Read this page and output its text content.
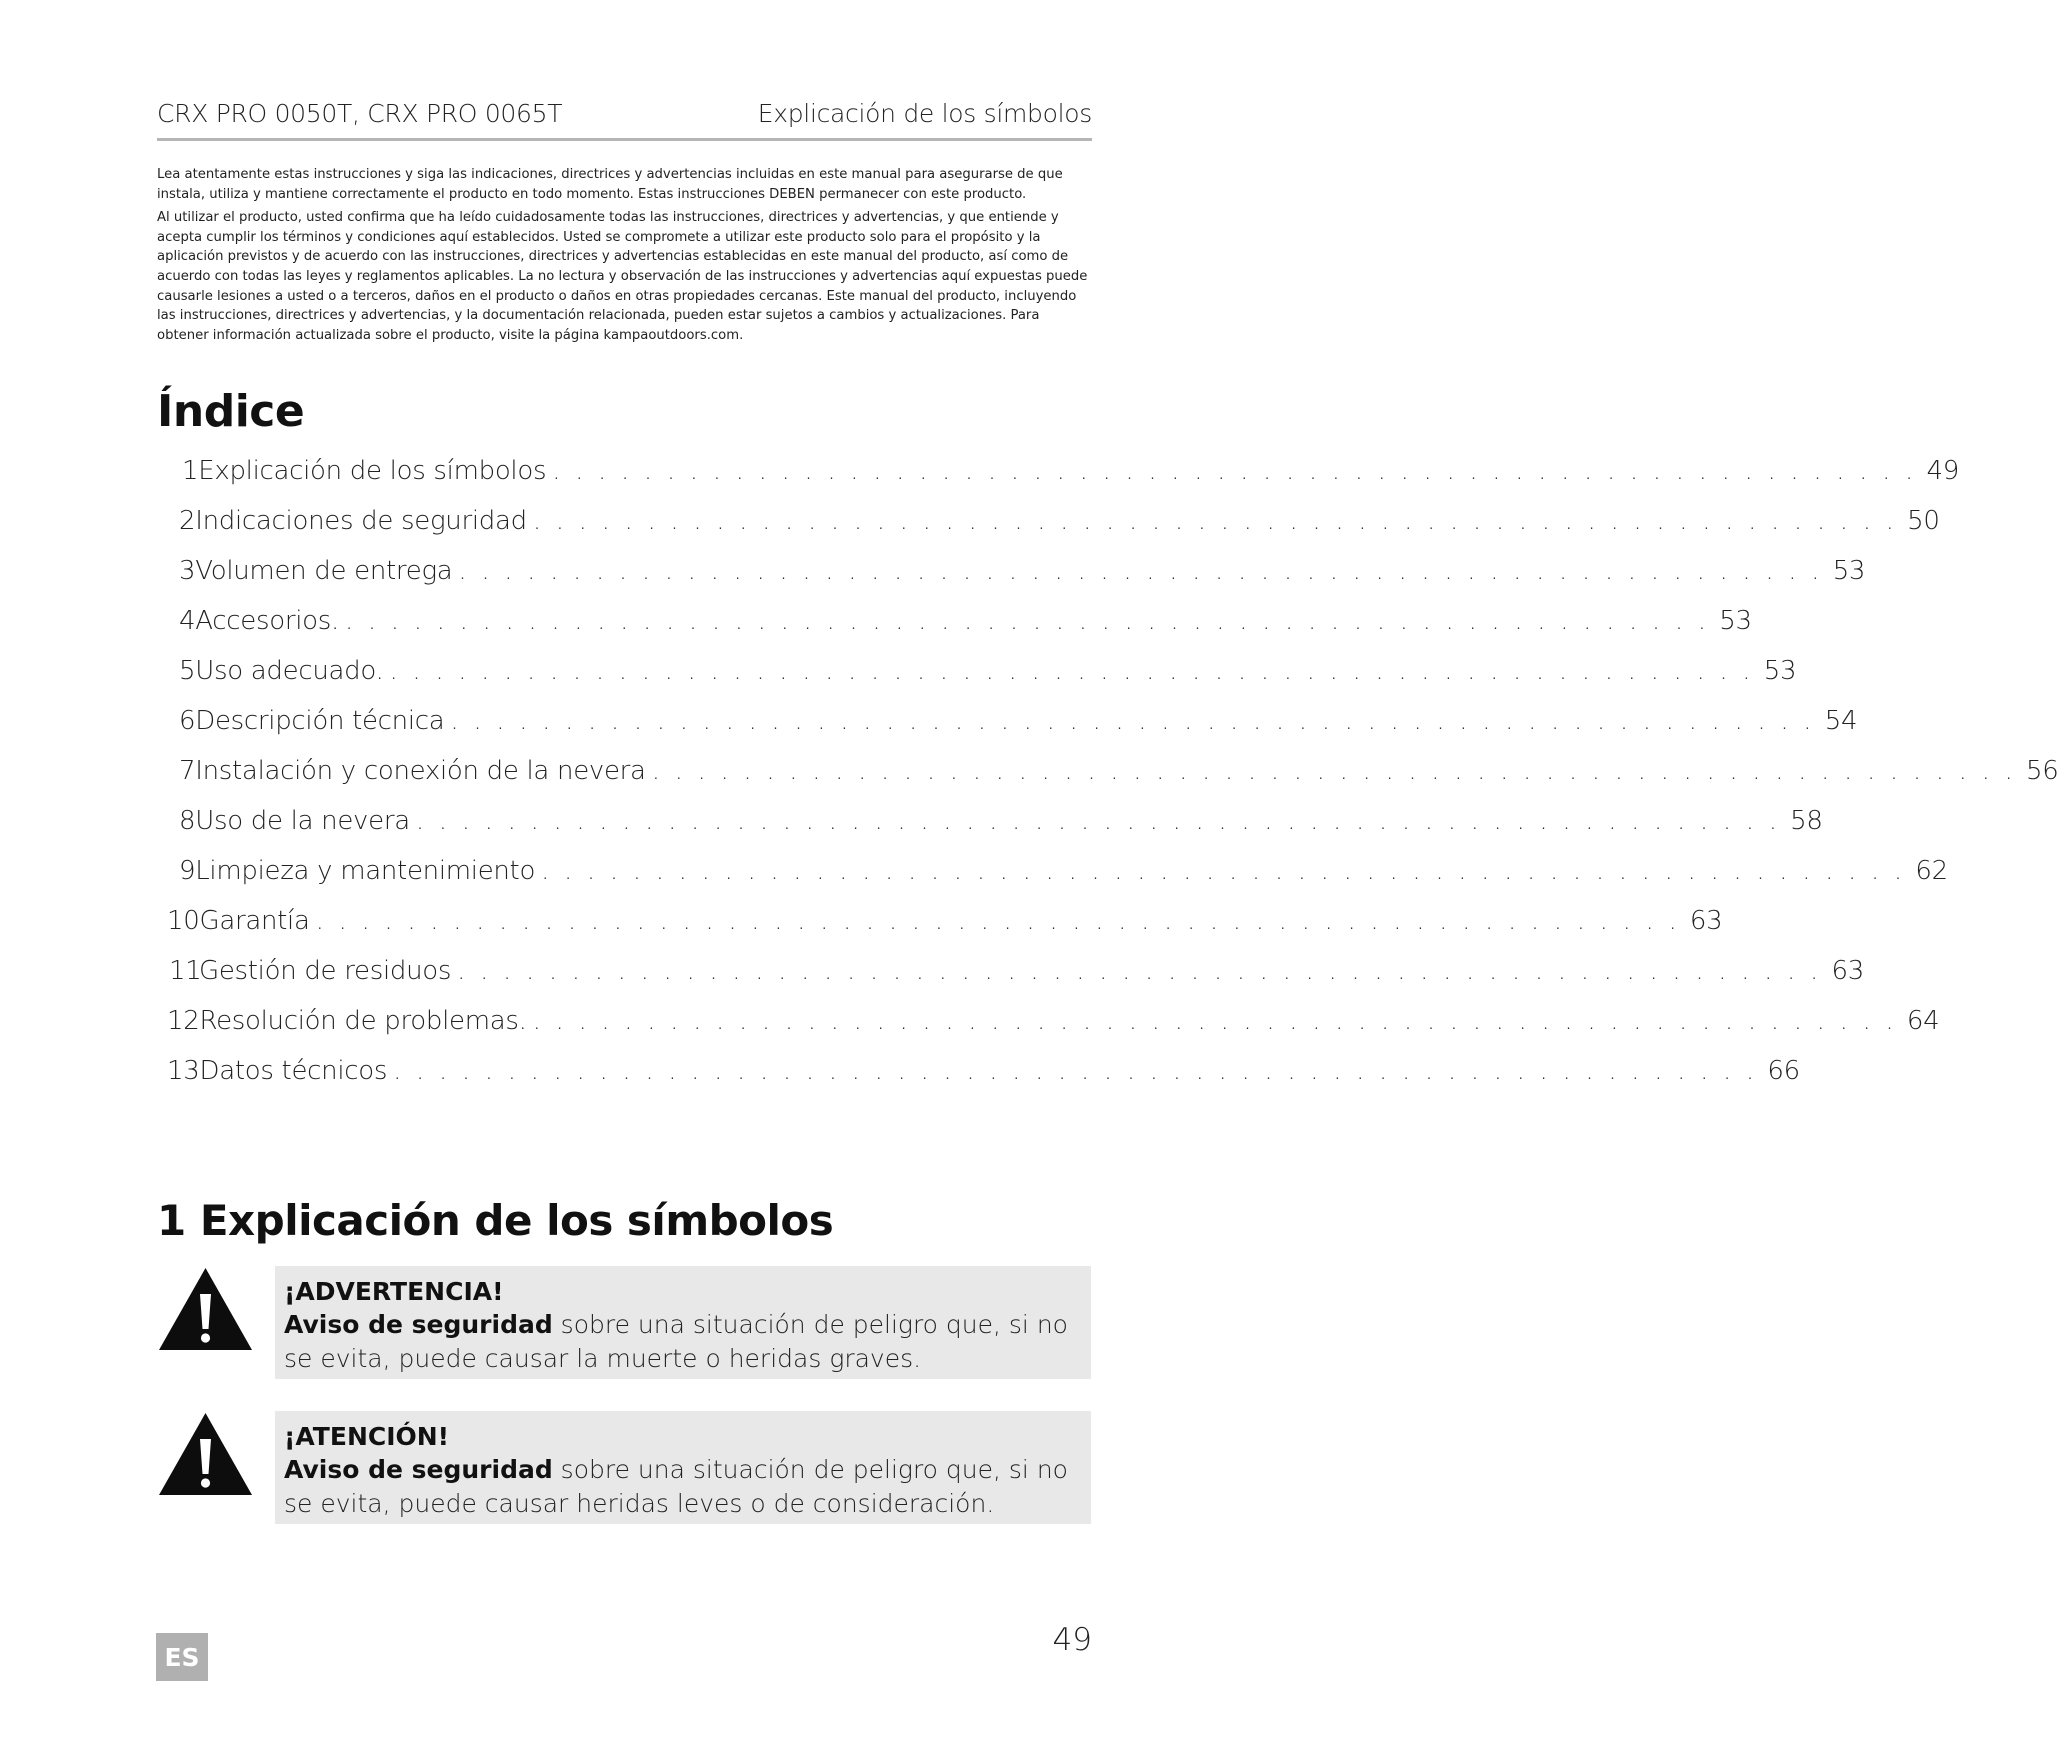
CRX PRO 0050T, CRX PRO 0065T	Explicación de los símbolos

Lea atentamente estas instrucciones y siga las indicaciones, directrices y advertencias incluidas en este manual para asegurarse de que instala, utiliza y mantiene correctamente el producto en todo momento. Estas instrucciones DEBEN permanecer con este producto.

Al utilizar el producto, usted confirma que ha leído cuidadosamente todas las instrucciones, directrices y advertencias, y que entiende y acepta cumplir los términos y condiciones aquí establecidos. Usted se compromete a utilizar este producto solo para el propósito y la aplicación previstos y de acuerdo con las instrucciones, directrices y advertencias establecidas en este manual del producto, así como de acuerdo con todas las leyes y reglamentos aplicables. La no lectura y observación de las instrucciones y advertencias aquí expuestas puede causarle lesiones a usted o a terceros, daños en el producto o daños en otras propiedades cercanas. Este manual del producto, incluyendo las instrucciones, directrices y advertencias, y la documentación relacionada, pueden estar sujetos a cambios y actualizaciones. Para obtener información actualizada sobre el producto, visite la página kampaoutdoors.com.

Índice
1 Explicación de los símbolos . . . . . . . . . . . . . . . . . . . . . . . . . . . . . . . . . . . . . . . . . . . . . . . . . . . . . . . . . . . . 49
2 Indicaciones de seguridad . . . . . . . . . . . . . . . . . . . . . . . . . . . . . . . . . . . . . . . . . . . . . . . . . . . . . . . . . . . . 50
3 Volumen de entrega . . . . . . . . . . . . . . . . . . . . . . . . . . . . . . . . . . . . . . . . . . . . . . . . . . . . . . . . . . . . 53
4 Accesorios. . . . . . . . . . . . . . . . . . . . . . . . . . . . . . . . . . . . . . . . . . . . . . . . . . . . . . . . . . . . . 53
5 Uso adecuado. . . . . . . . . . . . . . . . . . . . . . . . . . . . . . . . . . . . . . . . . . . . . . . . . . . . . . . . . . . . . 53
6 Descripción técnica . . . . . . . . . . . . . . . . . . . . . . . . . . . . . . . . . . . . . . . . . . . . . . . . . . . . . . . . . . . . 54
7 Instalación y conexión de la nevera . . . . . . . . . . . . . . . . . . . . . . . . . . . . . . . . . . . . . . . . . . . . . . . . . . . . . . . . . . . . 56
8 Uso de la nevera . . . . . . . . . . . . . . . . . . . . . . . . . . . . . . . . . . . . . . . . . . . . . . . . . . . . . . . . . . . . 58
9 Limpieza y mantenimiento . . . . . . . . . . . . . . . . . . . . . . . . . . . . . . . . . . . . . . . . . . . . . . . . . . . . . . . . . . . . 62
10 Garantía . . . . . . . . . . . . . . . . . . . . . . . . . . . . . . . . . . . . . . . . . . . . . . . . . . . . . . . . . . . . 63
11
Gestión de residuos . . . . . . . . . . . . . . . . . . . . . . . . . . . . . . . . . . . . . . . . . . . . . . . . . . . . . . . . . . . . 63
12 Resolución de problemas. . . . . . . . . . . . . . . . . . . . . . . . . . . . . . . . . . . . . . . . . . . . . . . . . . . . . . . . . . . . . 64
13 Datos técnicos . . . . . . . . . . . . . . . . . . . . . . . . . . . . . . . . . . . . . . . . . . . . . . . . . . . . . . . . . . . . 66
1 Explicación de los símbolos
¡ADVERTENCIA!
Aviso de seguridad sobre una situación de peligro que, si no se evita, puede causar la muerte o heridas graves.
¡ATENCIÓN!
Aviso de seguridad sobre una situación de peligro que, si no se evita, puede causar heridas leves o de consideración.
ES	49
